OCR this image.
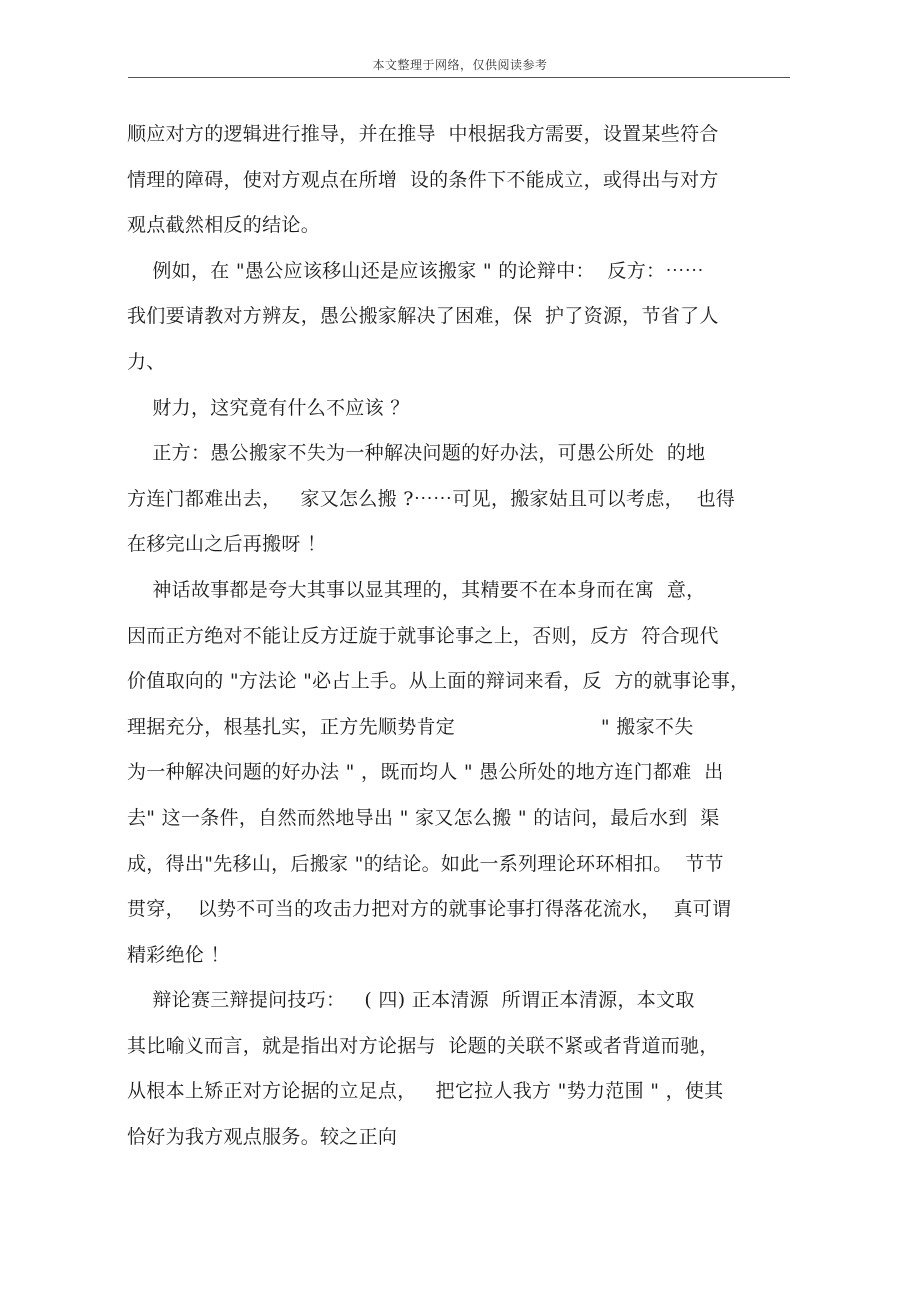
本文整理于网络，仅供阅读参考
顺应对方的逻辑进行推导，并在推导  中根据我方需要，设置某些符合
情理的障碍，使对方观点在所增  设的条件下不能成立，或得出与对方
观点截然相反的结论。
例如，在 "愚公应该移山还是应该搬家 " 的论辩中：  反方：⋯⋯
我们要请教对方辨友，愚公搬家解决了困难，保  护了资源，节省了人
力、
财力，这究竟有什么不应该 ？
正方：愚公搬家不失为一种解决问题的好办法，可愚公所处  的地
方连门都难出去，   家又怎么搬 ?⋯⋯可见，搬家姑且可以考虑，  也得
在移完山之后再搬呀 ！
神话故事都是夸大其事以显其理的，其精要不在本身而在寓  意，
因而正方绝对不能让反方迂旋于就事论事之上，否则，反方  符合现代
价值取向的 "方法论 "必占上手。从上面的辩词来看，反  方的就事论事，
理据充分，根基扎实，正方先顺势肯定                       " 搬家不失
为一种解决问题的好办法 " ，既而均人 " 愚公所处的地方连门都难  出
去" 这一条件，自然而然地导出 " 家又怎么搬 " 的诘问，最后水到  渠
成，得出"先移山，后搬家 "的结论。如此一系列理论环环相扣。  节节
贯穿，  以势不可当的攻击力把对方的就事论事打得落花流水，  真可谓
精彩绝伦 ！
辩论赛三辩提问技巧：   ( 四) 正本清源  所谓正本清源，本文取
其比喻义而言，就是指出对方论据与  论题的关联不紧或者背道而驰，
从根本上矫正对方论据的立足点，   把它拉人我方 "势力范围 " ，使其
恰好为我方观点服务。较之正向
